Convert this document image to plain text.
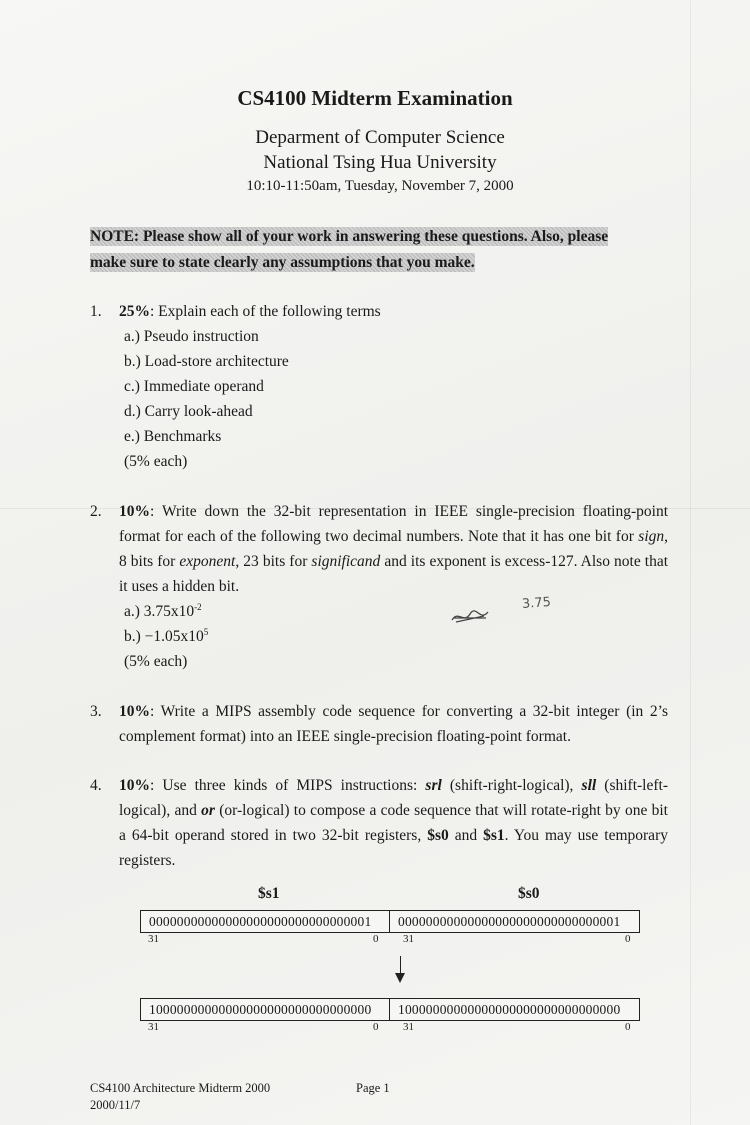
CS4100 Midterm Examination
Deparment of Computer Science
National Tsing Hua University
10:10-11:50am, Tuesday, November 7, 2000
NOTE: Please show all of your work in answering these questions. Also, please
make sure to state clearly any assumptions that you make.
1.	25%: Explain each of the following terms
a.) Pseudo instruction
b.) Load-store architecture
c.) Immediate operand
d.) Carry look-ahead
e.) Benchmarks
(5% each)
2.	10%: Write down the 32-bit representation in IEEE single-precision floating-point format for each of the following two decimal numbers. Note that it has one bit for sign, 8 bits for exponent, 23 bits for significand and its exponent is excess-127. Also note that it uses a hidden bit.
a.) $3.75x10^{-2}$
$b.) -1.05x10^5$
(5% each)
3.75
3.	10%: Write a MIPS assembly code sequence for converting a 32-bit integer (in 2’s complement format) into an IEEE single-precision floating-point format.
4.	10%: Use three kinds of MIPS instructions: srl (shift-right-logical), sll (shift-left-logical), and or (or-logical) to compose a code sequence that will rotate-right by one bit a 64-bit operand stored in two 32-bit registers, $s0 and $s1. You may use temporary registers.
$s1	$s0
00000000000000000000000000000001	00000000000000000000000000000001
31	0 31	0
10000000000000000000000000000000	10000000000000000000000000000000
31	0 31	0
CS4100 Architecture Midterm 2000
2000/11/7
Page 1
